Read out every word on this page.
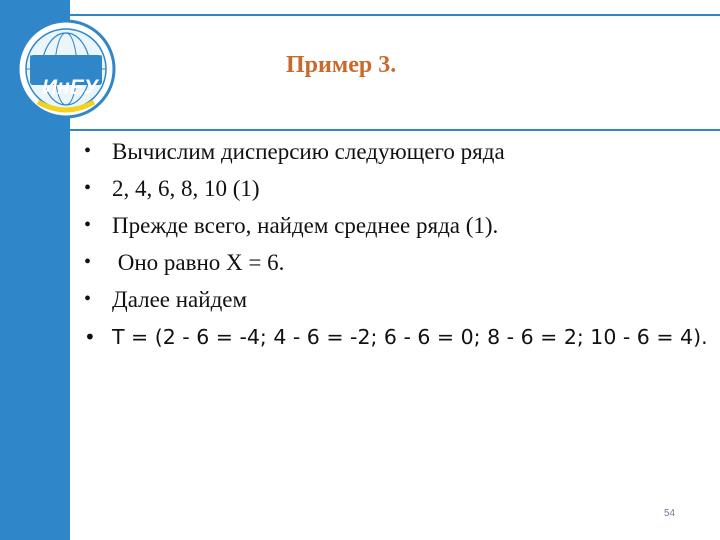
ИнЕУ
Пример 3.
• Вычислим дисперсию следующего ряда
• 2, 4, 6, 8, 10 (1)
• Прежде всего, найдем среднее ряда (1).
• Оно равно X = 6.
• Далее найдем
• T = (2 - 6 = -4; 4 - 6 = -2; 6 - 6 = 0; 8 - 6 = 2; 10 - 6 = 4).
54
